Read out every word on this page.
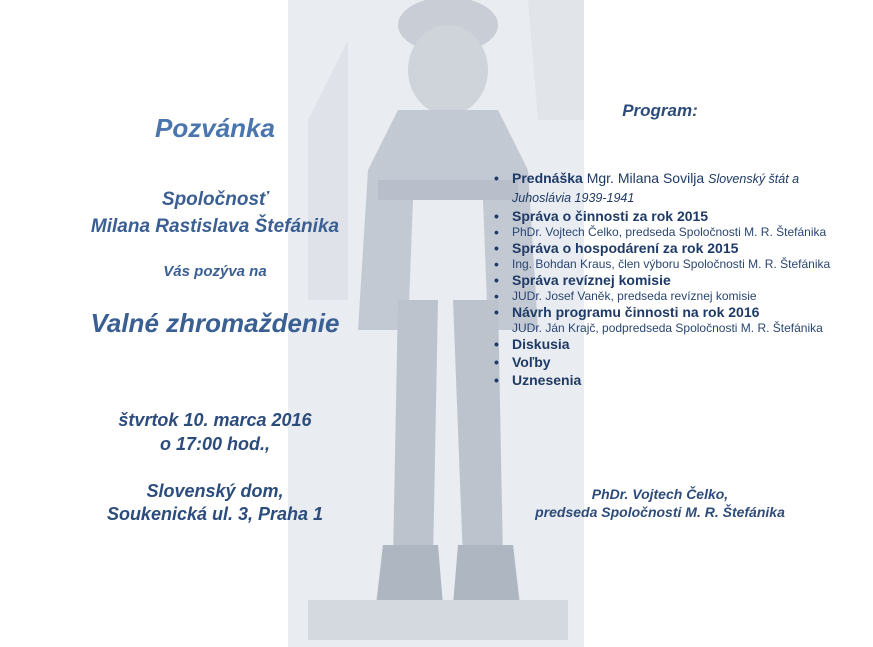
Pozvánka
Spoločnosť
Milana Rastislava Štefánika
Vás pozýva na
Valné zhromaždenie
štvrtok 10. marca 2016
o 17:00 hod.,
Slovenský dom,
Soukenická ul. 3, Praha 1
Program:
• Prednáška Mgr. Milana Sovilja Slovenský štát a Juhoslávia 1939-1941
• Správa o činnosti za rok 2015
• PhDr. Vojtech Čelko, predseda Spoločnosti M. R. Štefánika
• Správa o hospodárení za rok 2015
• Ing. Bohdan Kraus, člen výboru Spoločnosti M. R. Štefánika
• Správa revíznej komisie
• JUDr. Josef Vaněk, predseda revíznej komisie
• Návrh programu činnosti na rok 2016
JUDr. Ján Krajč, podpredseda Spoločnosti M. R. Štefánika
• Diskusia
• Voľby
• Uznesenia
PhDr. Vojtech Čelko,
predseda Spoločnosti M. R. Štefánika
